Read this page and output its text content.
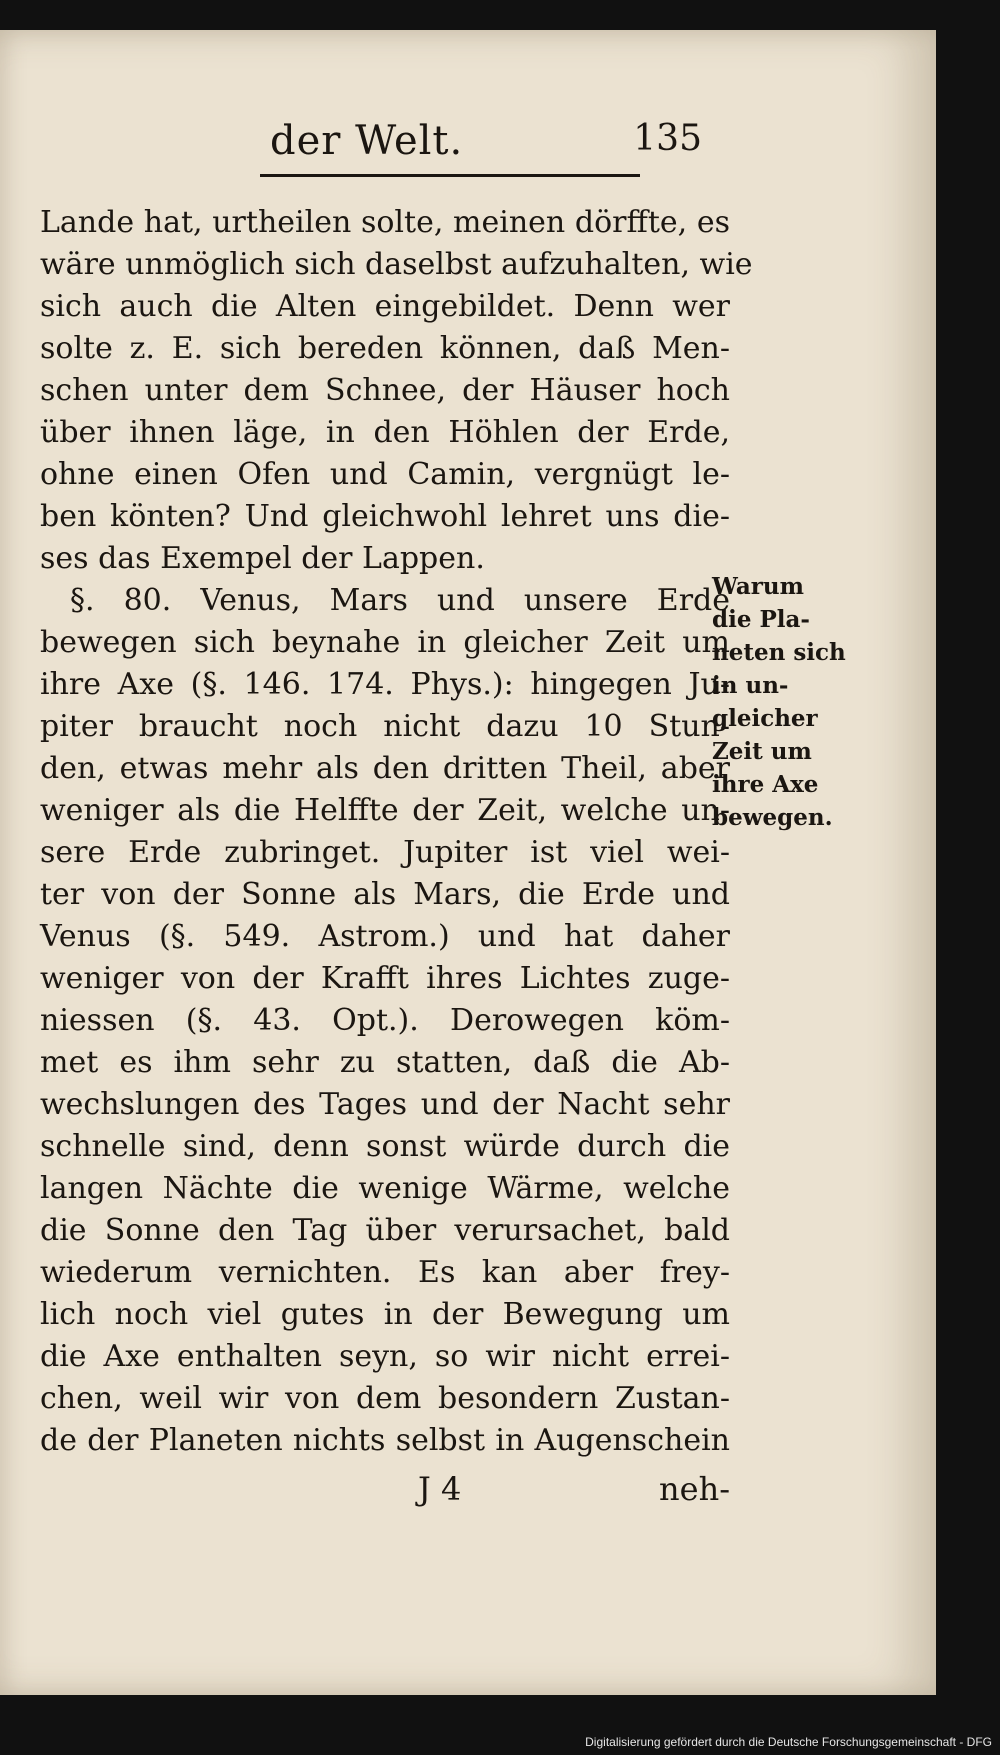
der Welt.	135
Lande hat, urtheilen solte, meinen dörffte, es
wäre unmöglich sich daselbst aufzuhalten, wie
sich auch die Alten eingebildet. Denn wer
solte z. E. sich bereden können, daß Men-
schen unter dem Schnee, der Häuser hoch
über ihnen läge, in den Höhlen der Erde,
ohne einen Ofen und Camin, vergnügt le-
ben könten? Und gleichwohl lehret uns die-
ses das Exempel der Lappen.
§. 80. Venus, Mars und unsere Erde
bewegen sich beynahe in gleicher Zeit um
ihre Axe (§. 146. 174. Phys.): hingegen Ju-
piter braucht noch nicht dazu 10 Stun-
den, etwas mehr als den dritten Theil, aber
weniger als die Helffte der Zeit, welche un-
sere Erde zubringet. Jupiter ist viel wei-
ter von der Sonne als Mars, die Erde und
Venus (§. 549. Astrom.) und hat daher
weniger von der Krafft ihres Lichtes zuge-
niessen (§. 43. Opt.). Derowegen köm-
met es ihm sehr zu statten, daß die Ab-
wechslungen des Tages und der Nacht sehr
schnelle sind, denn sonst würde durch die
langen Nächte die wenige Wärme, welche
die Sonne den Tag über verursachet, bald
wiederum vernichten. Es kan aber frey-
lich noch viel gutes in der Bewegung um
die Axe enthalten seyn, so wir nicht errei-
chen, weil wir von dem besondern Zustan-
de der Planeten nichts selbst in Augenschein
Warum
die Pla-
neten sich
in un-
gleicher
Zeit um
ihre Axe
bewegen.
J 4	neh-
Digitalisierung gefördert durch die Deutsche Forschungsgemeinschaft - DFG
